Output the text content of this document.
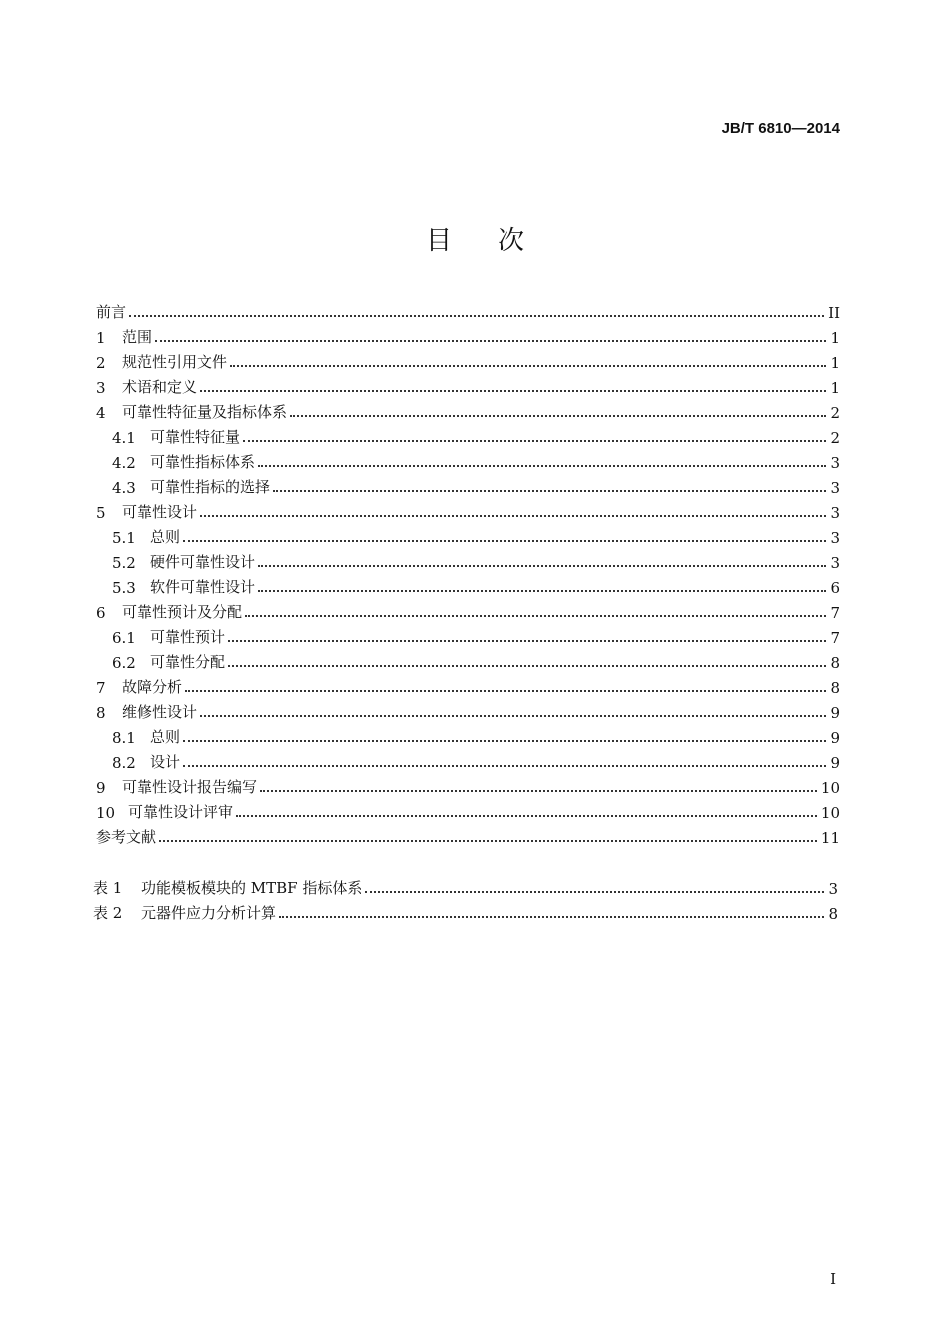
JB/T 6810—2014
目次
前言	II
1	范围	1
2	规范性引用文件	1
3	术语和定义	1
4	可靠性特征量及指标体系	2
4.1 可靠性特征量	2
4.2 可靠性指标体系	3
4.3 可靠性指标的选择	3
5	可靠性设计	3
5.1 总则	3
5.2 硬件可靠性设计	3
5.3 软件可靠性设计	6
6	可靠性预计及分配	7
6.1 可靠性预计	7
6.2 可靠性分配	8
7	故障分析	8
8	维修性设计	9
8.1 总则	9
8.2 设计	9
9	可靠性设计报告编写	10
10 可靠性设计评审	10
参考文献	11
表 1	功能模板模块的 MTBF 指标体系	3
表 2	元器件应力分析计算	8
I
